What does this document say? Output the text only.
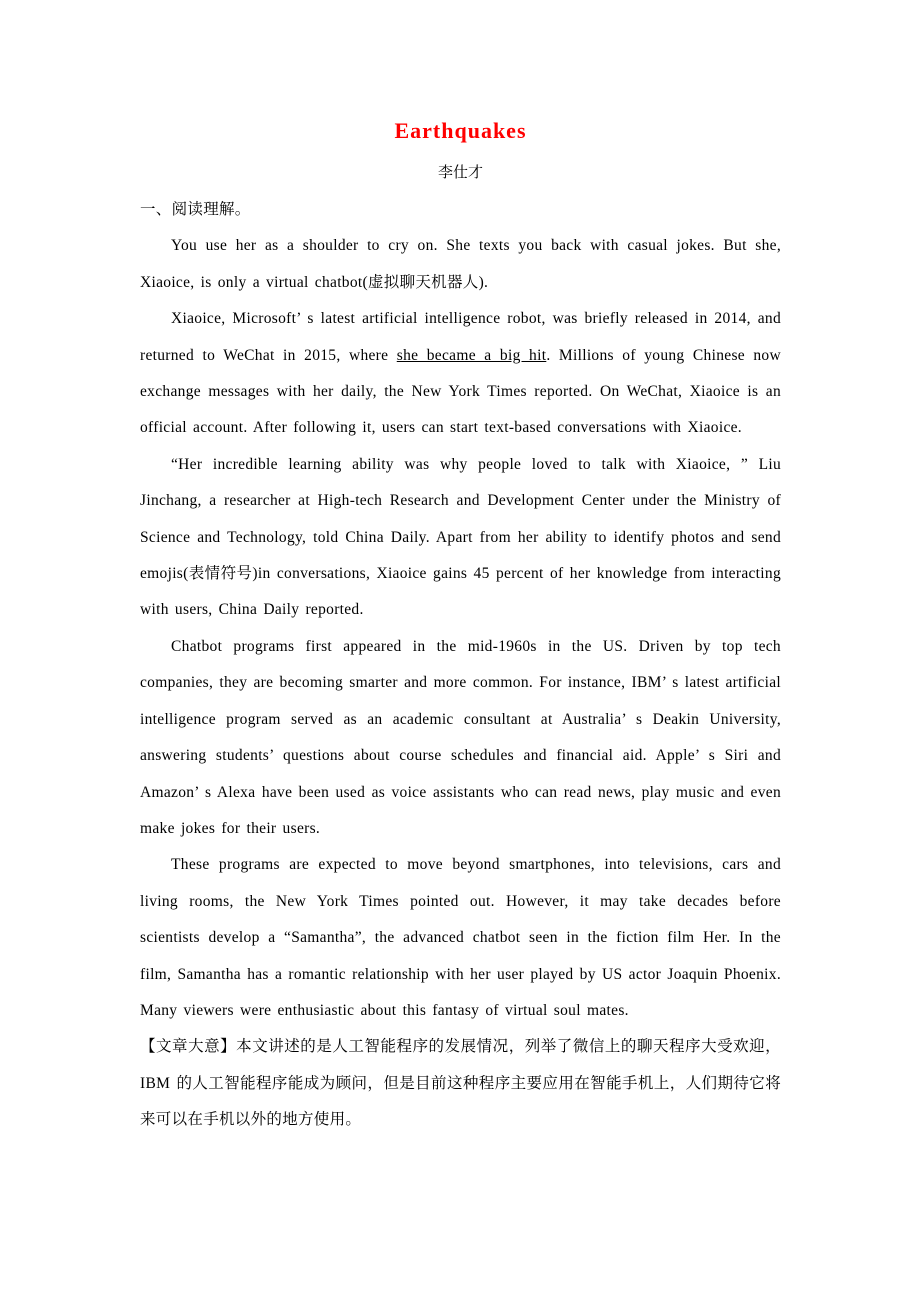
Earthquakes
李仕才
一、阅读理解。

You use her as a shoulder to cry on. She texts you back with casual jokes. But she, Xiaoice, is only a virtual chatbot(虚拟聊天机器人).

Xiaoice, Microsoft’ s latest artificial intelligence robot, was briefly released in 2014, and returned to WeChat in 2015, where she became a big hit. Millions of young Chinese now exchange messages with her daily, the New York Times reported. On WeChat, Xiaoice is an official account. After following it, users can start text-based conversations with Xiaoice.

“Her incredible learning ability was why people loved to talk with Xiaoice, ” Liu Jinchang, a researcher at High-tech Research and Development Center under the Ministry of Science and Technology, told China Daily. Apart from her ability to identify photos and send emojis(表情符号)in conversations, Xiaoice gains 45 percent of her knowledge from interacting with users, China Daily reported.

Chatbot programs first appeared in the mid-1960s in the US. Driven by top tech companies, they are becoming smarter and more common. For instance, IBM’ s latest artificial intelligence program served as an academic consultant at Australia’ s Deakin University, answering students’ questions about course schedules and financial aid. Apple’ s Siri and Amazon’ s Alexa have been used as voice assistants who can read news, play music and even make jokes for their users.

These programs are expected to move beyond smartphones, into televisions, cars and living rooms, the New York Times pointed out. However, it may take decades before scientists develop a “Samantha”, the advanced chatbot seen in the fiction film Her. In the film, Samantha has a romantic relationship with her user played by US actor Joaquin Phoenix. Many viewers were enthusiastic about this fantasy of virtual soul mates.

【文章大意】本文讲述的是人工智能程序的发展情况，列举了微信上的聊天程序大受欢迎，IBM 的人工智能程序能成为顾问，但是目前这种程序主要应用在智能手机上，人们期待它将来可以在手机以外的地方使用。
